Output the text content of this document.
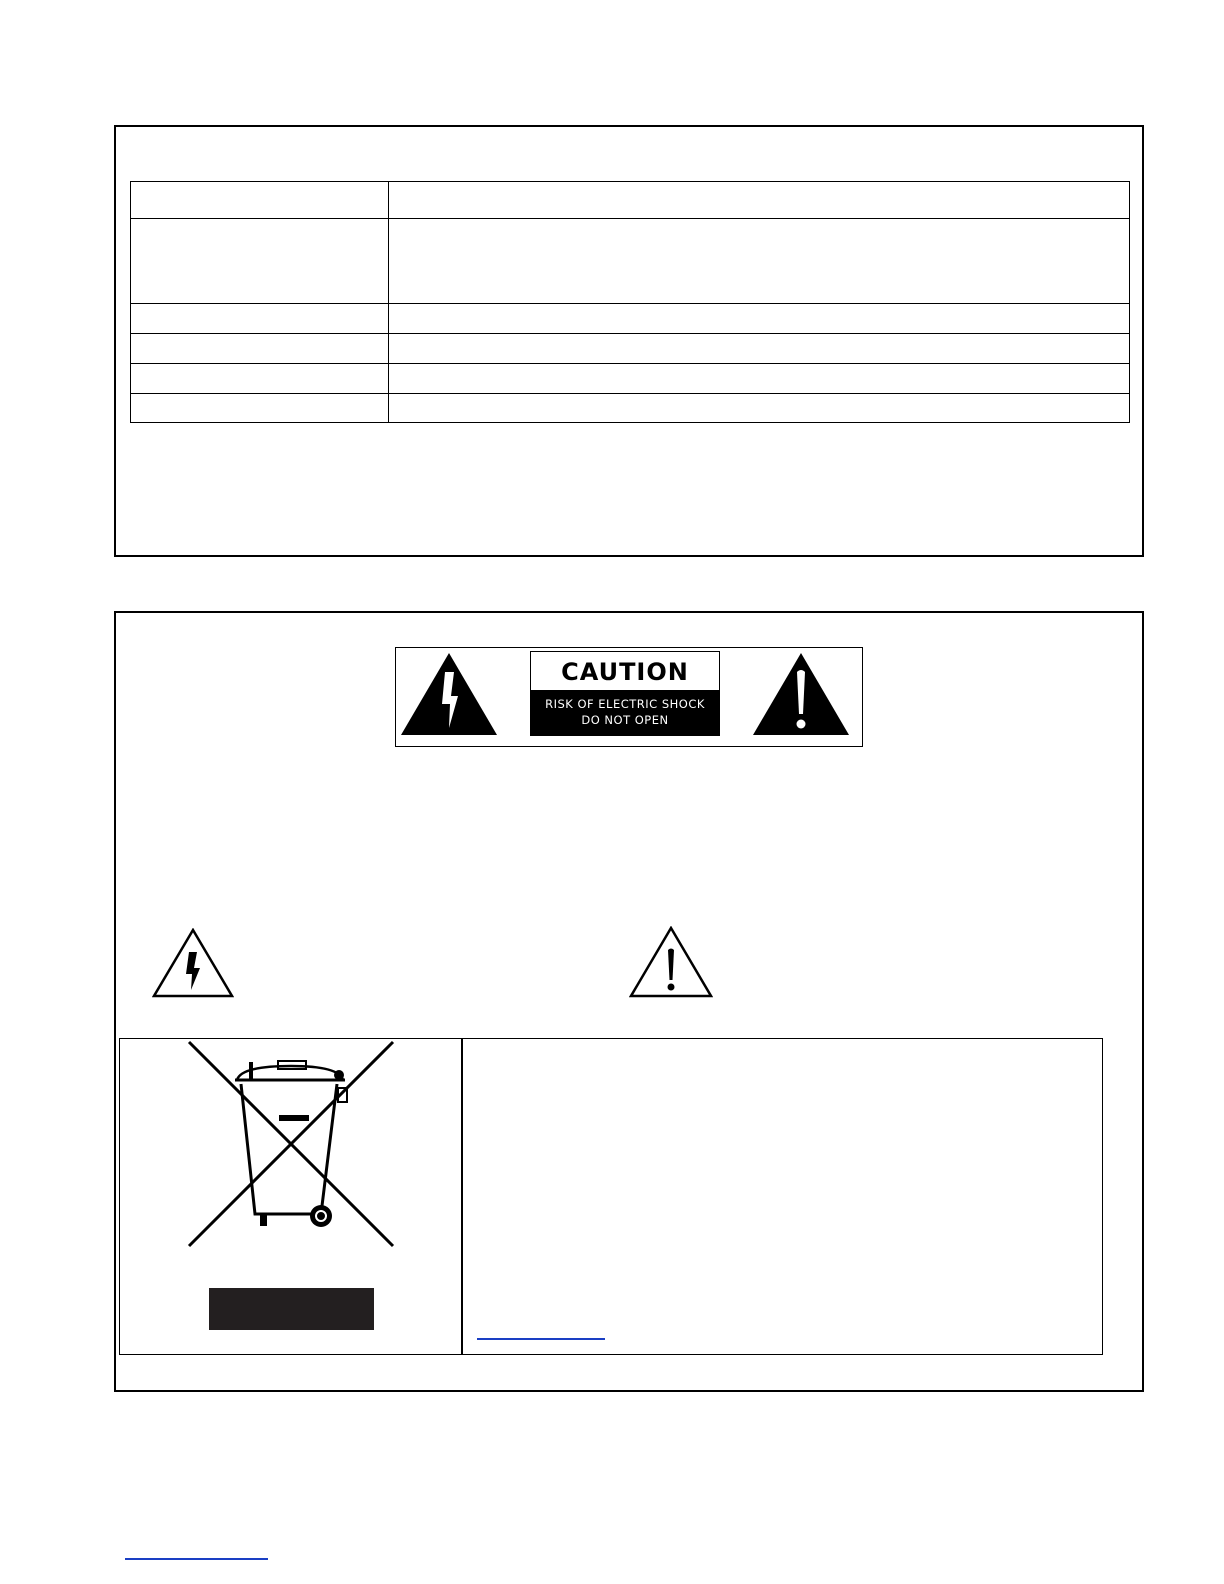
CAUTION
RISK OF ELECTRIC SHOCK
DO NOT OPEN
